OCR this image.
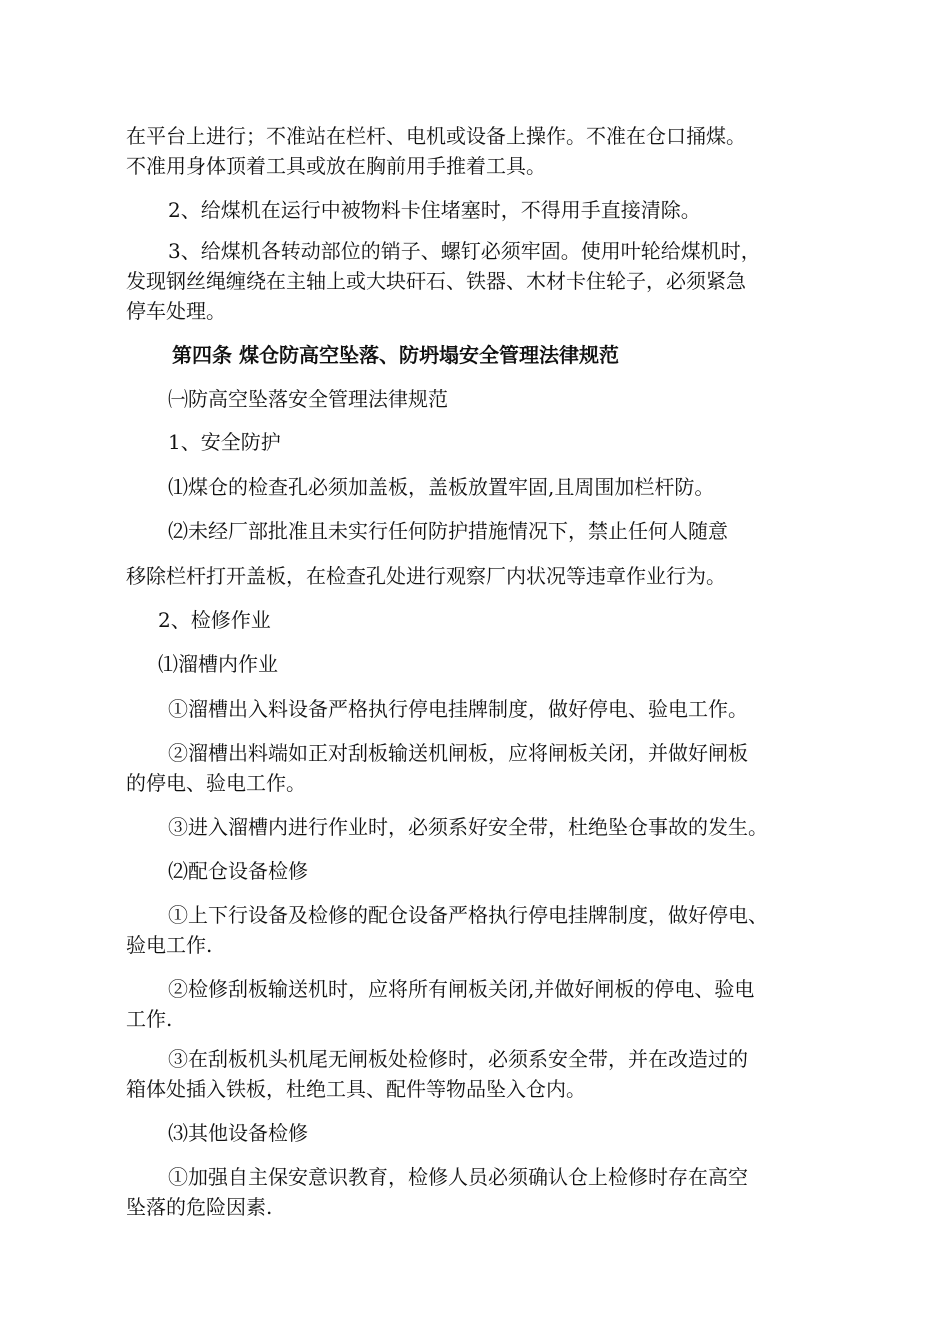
在平台上进行；不准站在栏杆、电机或设备上操作。不准在仓口捅煤。
不准用身体顶着工具或放在胸前用手推着工具。
2、给煤机在运行中被物料卡住堵塞时，不得用手直接清除。
3、给煤机各转动部位的销子、螺钉必须牢固。使用叶轮给煤机时，
发现钢丝绳缠绕在主轴上或大块矸石、铁器、木材卡住轮子，必须紧急
停车处理。
第四条 煤仓防高空坠落、防坍塌安全管理法律规范
㈠防高空坠落安全管理法律规范
1、安全防护
⑴煤仓的检查孔必须加盖板，盖板放置牢固,且周围加栏杆防。
⑵未经厂部批准且未实行任何防护措施情况下，禁止任何人随意
移除栏杆打开盖板，在检查孔处进行观察厂内状况等违章作业行为。
2、检修作业
⑴溜槽内作业
①溜槽出入料设备严格执行停电挂牌制度，做好停电、验电工作。
②溜槽出料端如正对刮板输送机闸板，应将闸板关闭，并做好闸板
的停电、验电工作。
③进入溜槽内进行作业时，必须系好安全带，杜绝坠仓事故的发生。
⑵配仓设备检修
①上下行设备及检修的配仓设备严格执行停电挂牌制度，做好停电、
验电工作.
②检修刮板输送机时，应将所有闸板关闭,并做好闸板的停电、验电
工作.
③在刮板机头机尾无闸板处检修时，必须系安全带，并在改造过的
箱体处插入铁板，杜绝工具、配件等物品坠入仓内。
⑶其他设备检修
①加强自主保安意识教育，检修人员必须确认仓上检修时存在高空
坠落的危险因素.
